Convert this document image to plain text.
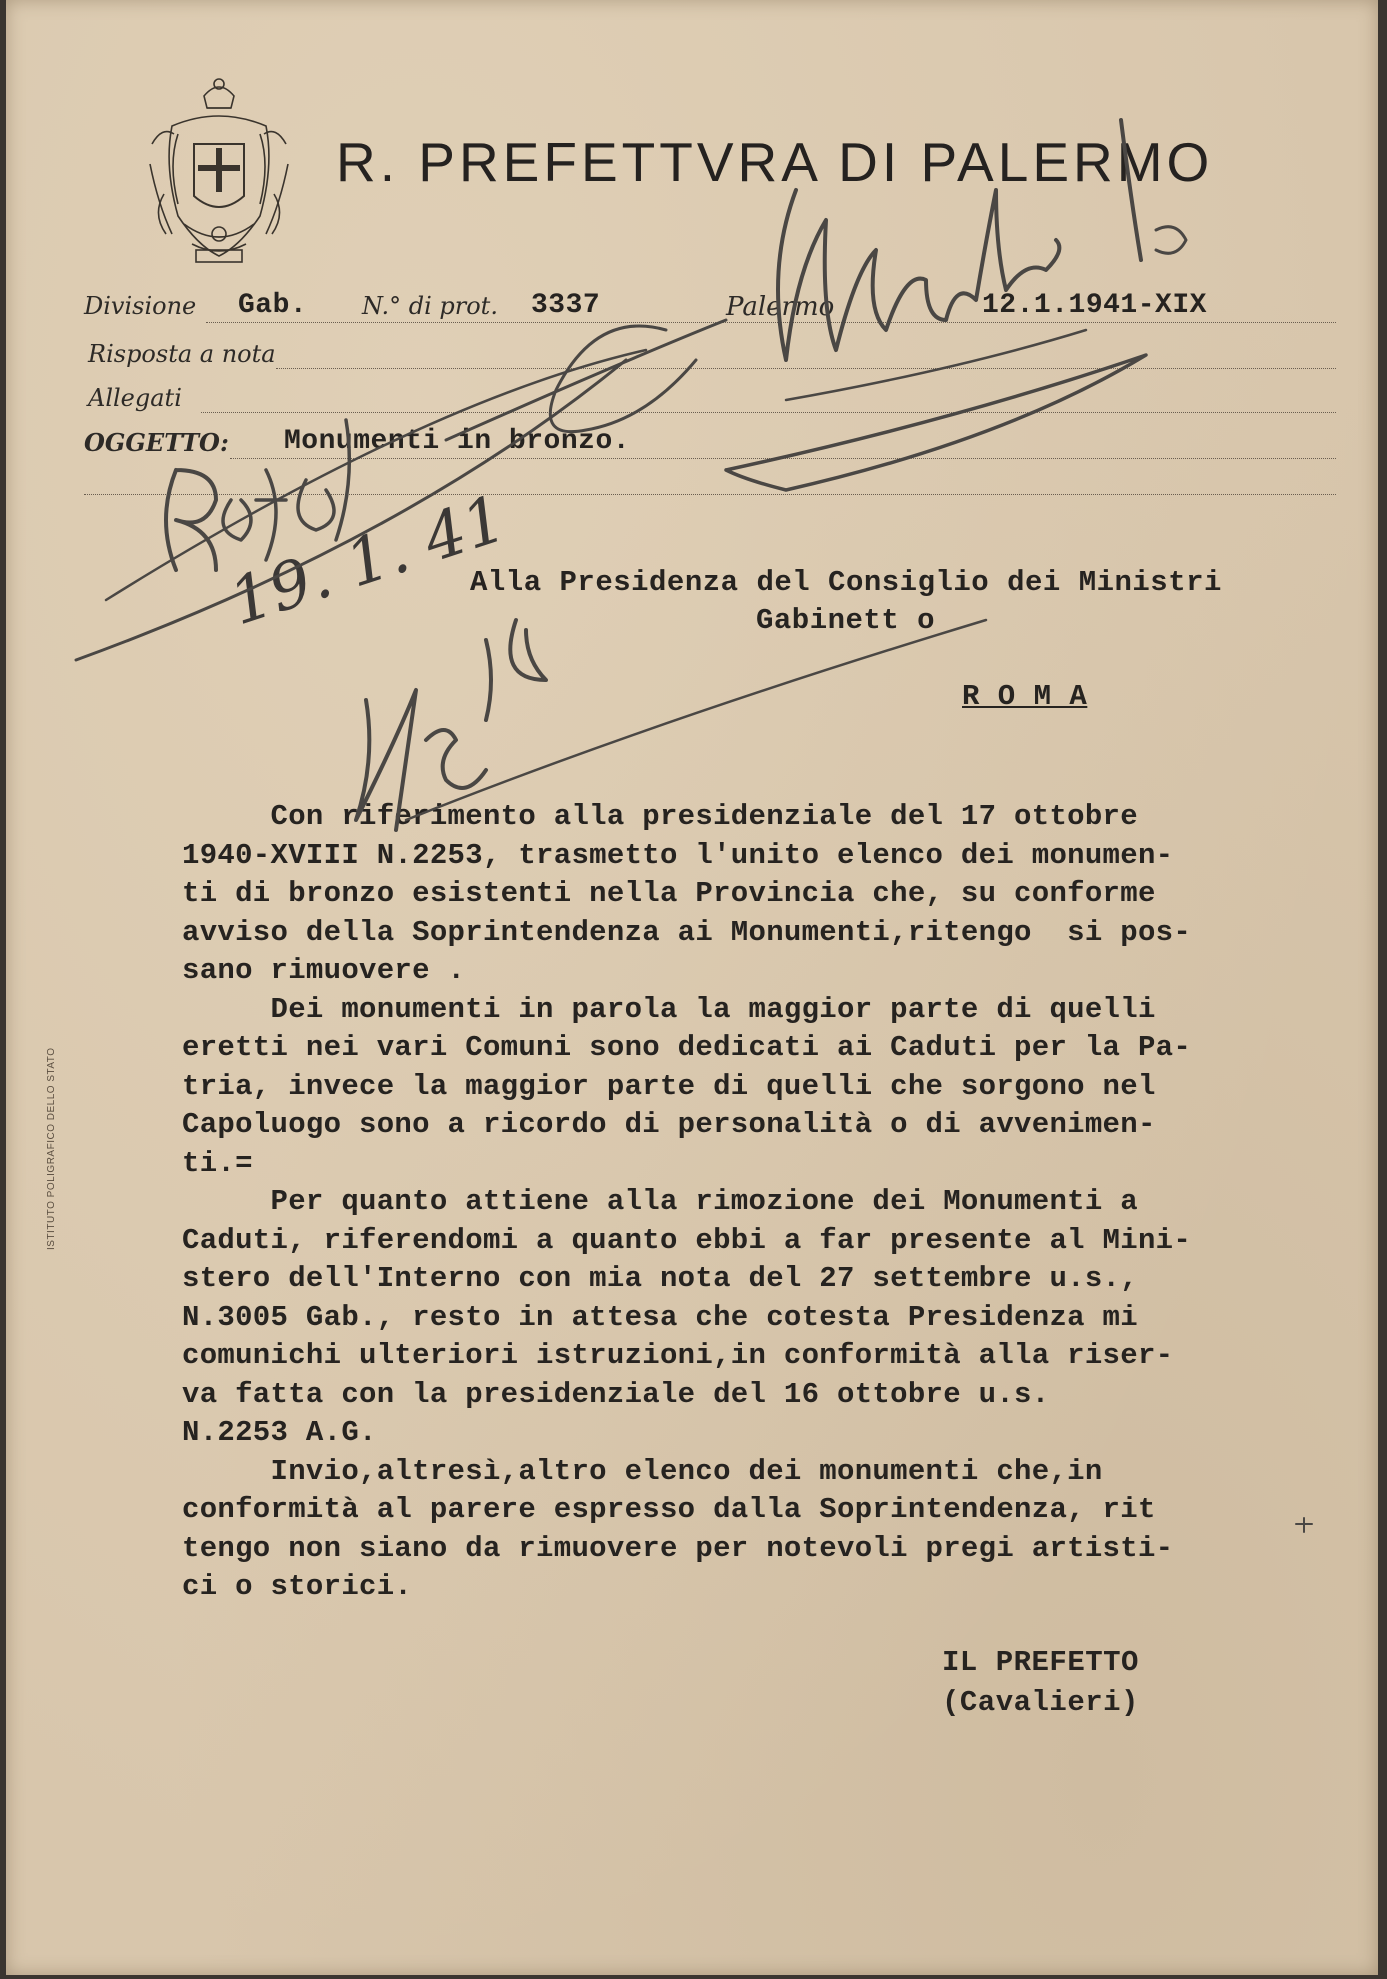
R. PREFETTVRA DI PALERMO
Divisione Gab. N.° di prot. 3337	Palermo	12.1.1941-XIX
Risposta a nota
Allegati
OGGETTO: Monumenti in bronzo.
Alla Presidenza del Consiglio dei Ministri
Gabinett o
R O M A
Con riferimento alla presidenziale del 17 ottobre
1940-XVIII N.2253, trasmetto l'unito elenco dei monumen-
ti di bronzo esistenti nella Provincia che, su conforme
avviso della Soprintendenza ai Monumenti,ritengo  si pos-
sano rimuovere .
Dei monumenti in parola la maggior parte di quelli
eretti nei vari Comuni sono dedicati ai Caduti per la Pa-
tria, invece la maggior parte di quelli che sorgono nel
Capoluogo sono a ricordo di personalità o di avvenimen-
ti.=
Per quanto attiene alla rimozione dei Monumenti a
Caduti, riferendomi a quanto ebbi a far presente al Mini-
stero dell'Interno con mia nota del 27 settembre u.s.,
N.3005 Gab., resto in attesa che cotesta Presidenza mi
comunichi ulteriori istruzioni,in conformità alla riser-
va fatta con la presidenziale del 16 ottobre u.s.
N.2253 A.G.
Invio,altresì,altro elenco dei monumenti che,in
conformità al parere espresso dalla Soprintendenza, rit
tengo non siano da rimuovere per notevoli pregi artisti-
ci o storici.
IL PREFETTO
(Cavalieri)
ISTITUTO POLIGRAFICO DELLO STATO
19. 1. 41
